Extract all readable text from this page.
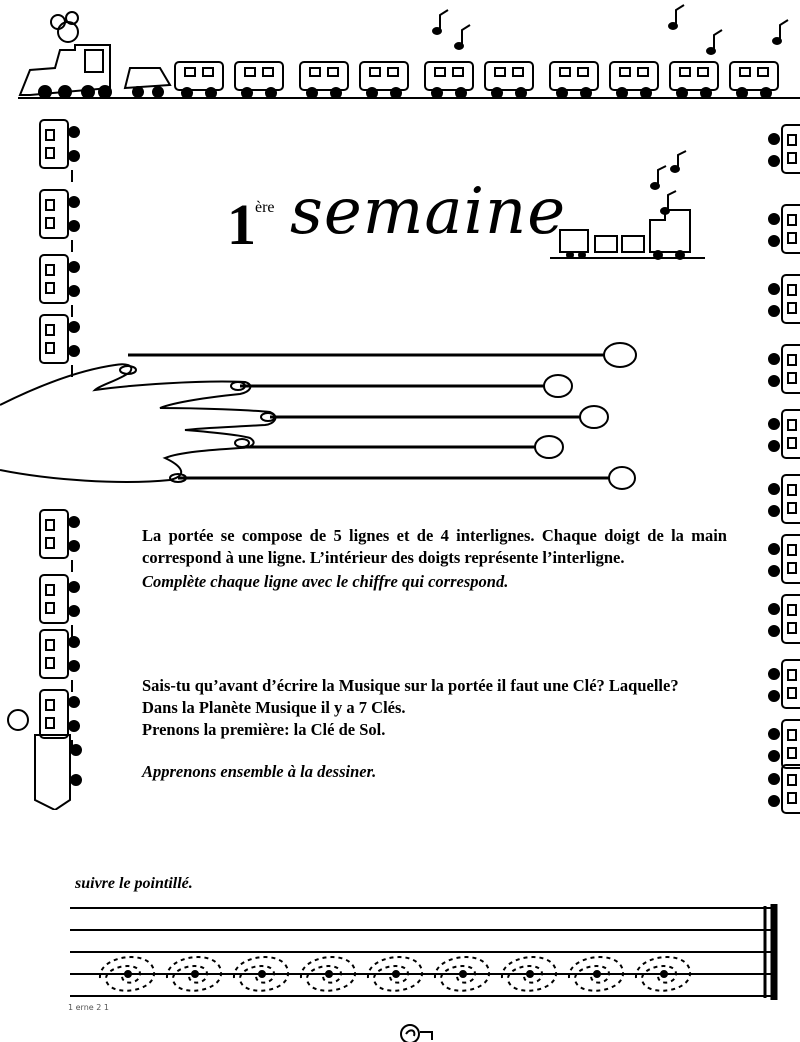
1 ère semaine

La portée se compose de 5 lignes et de 4 interlignes. Chaque doigt de la main correspond à une ligne. L’intérieur des doigts représente l’interligne.

Complète chaque ligne avec le chiffre qui correspond.

Sais-tu qu’avant d’écrire la Musique sur la portée il faut une Clé? Laquelle?

Dans la Planète Musique il y a 7 Clés.

Prenons la première: la Clé de Sol.

Apprenons ensemble à la dessiner.

suivre le pointillé.
1 erne 2 1
